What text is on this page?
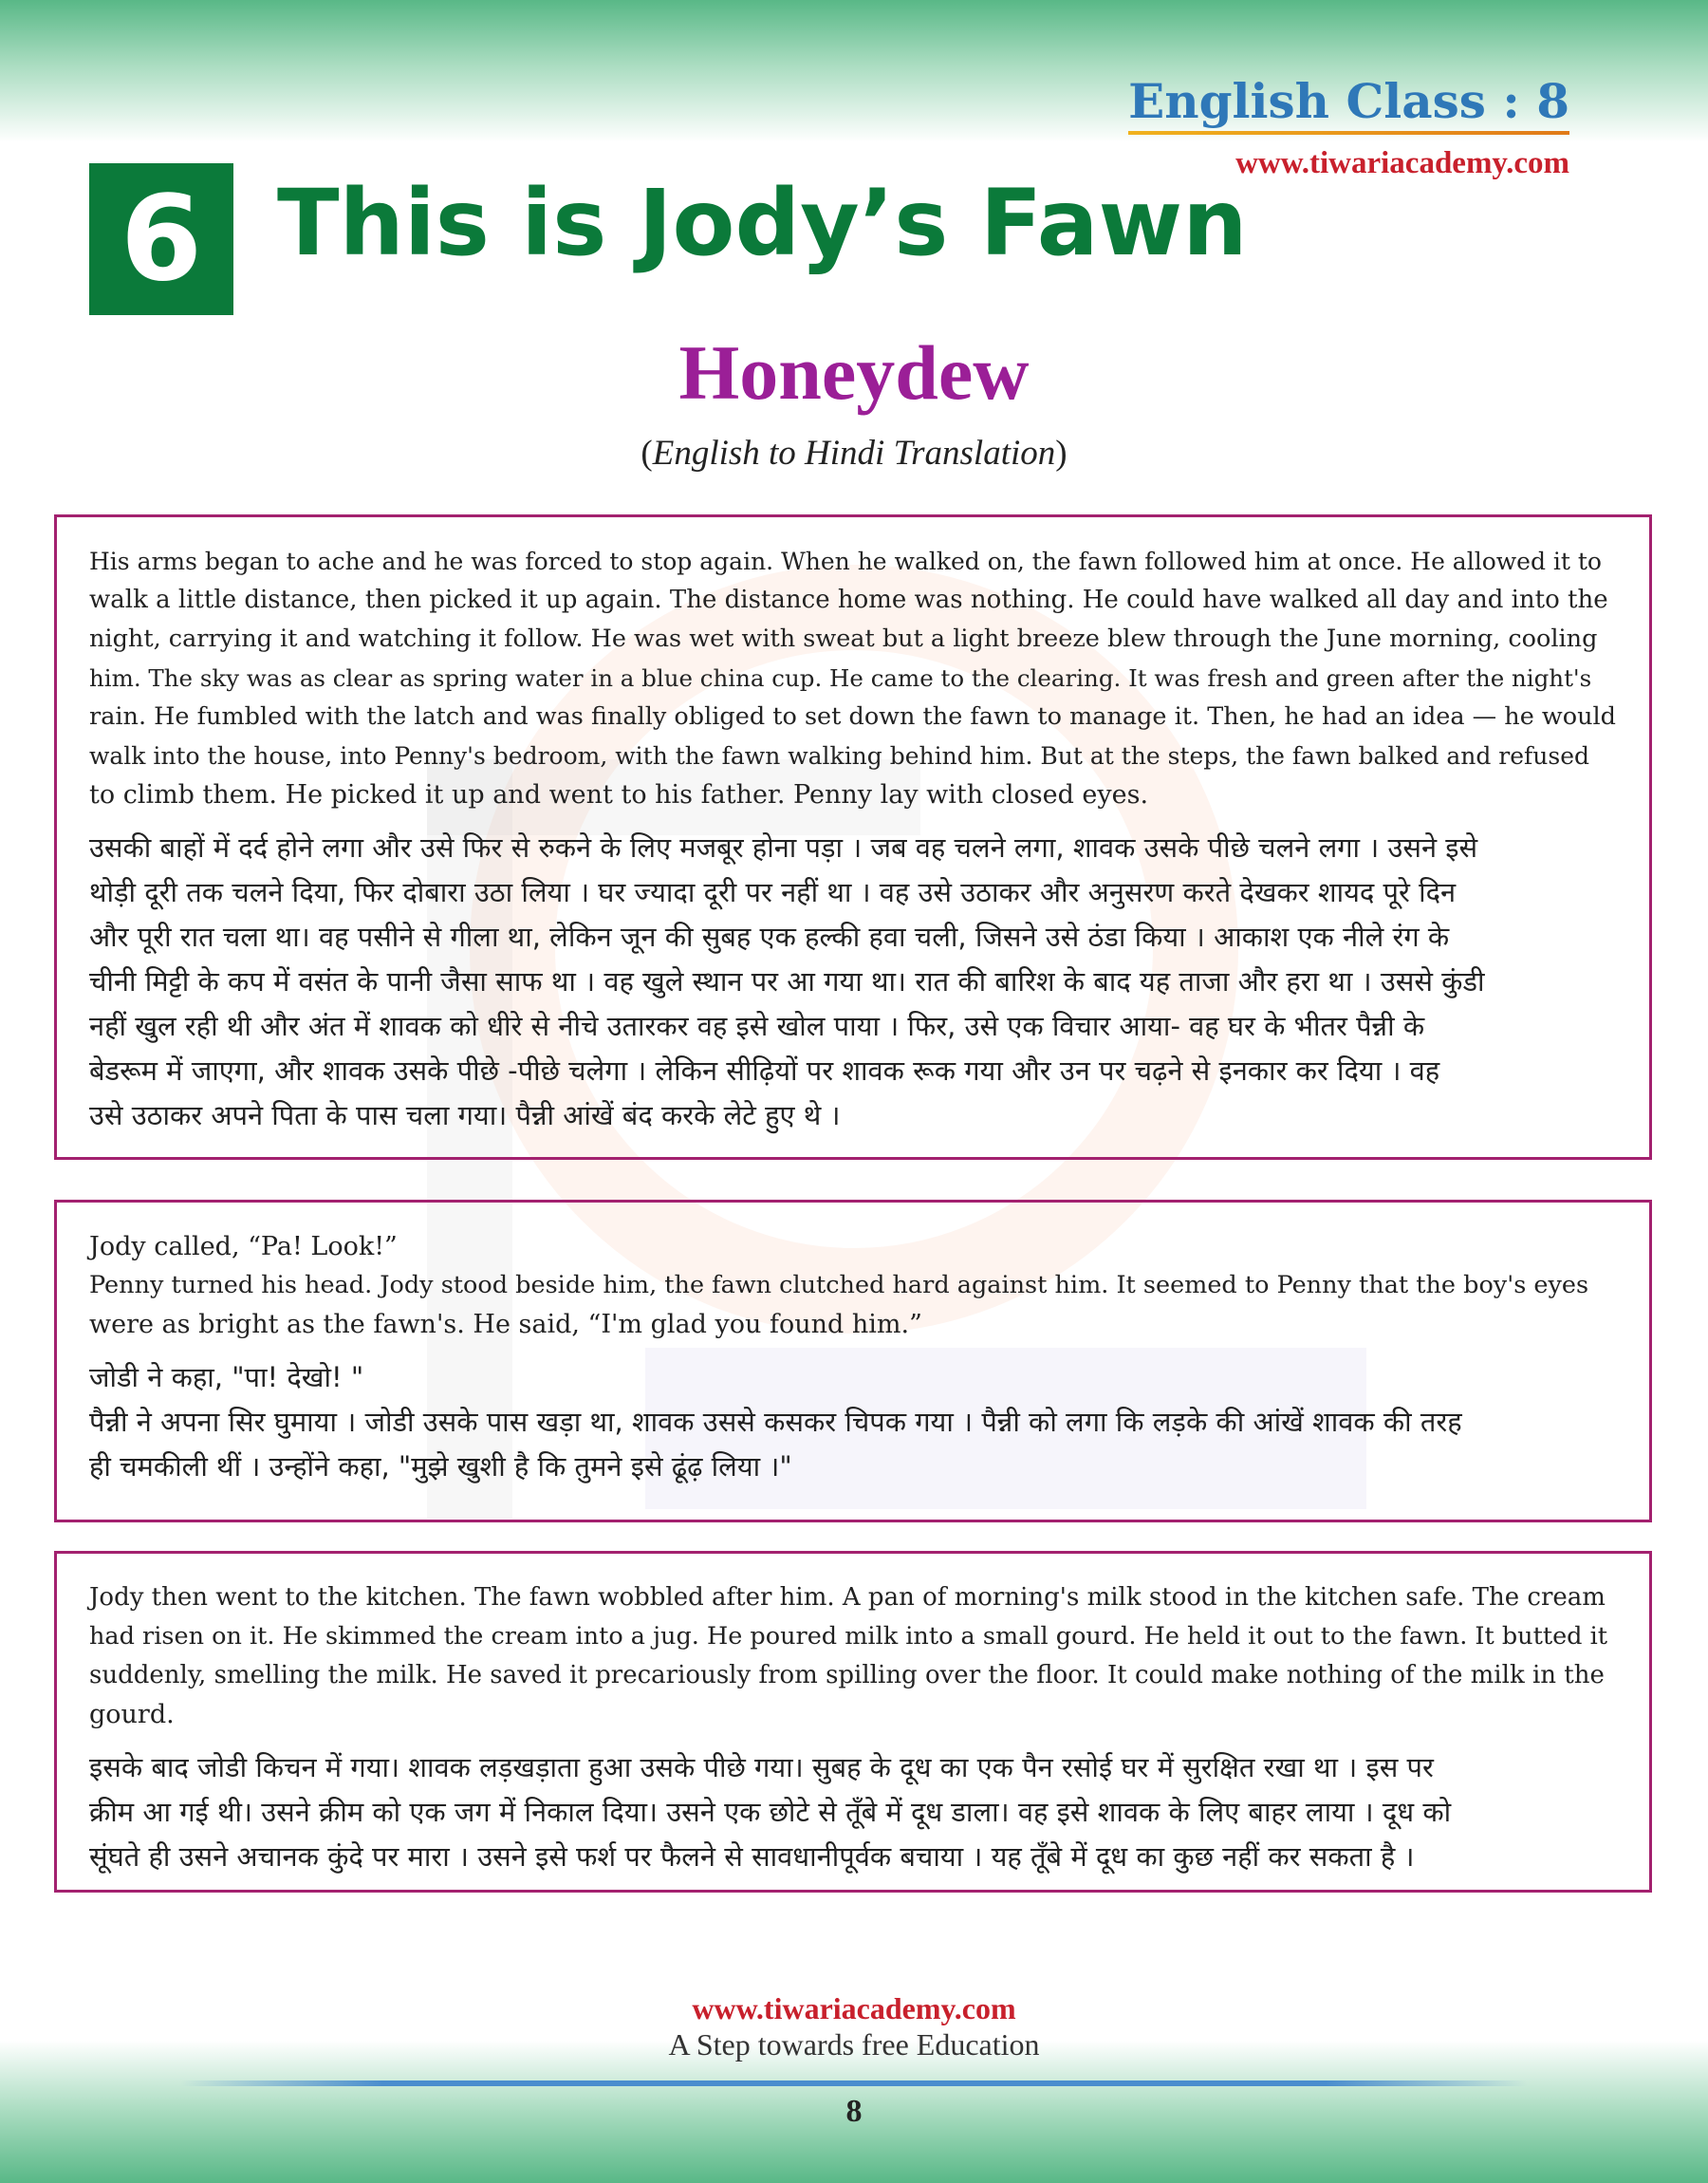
English Class : 8
www.tiwariacademy.com
6 This is Jody’s Fawn
Honeydew
(English to Hindi Translation)
His arms began to ache and he was forced to stop again. When he walked on, the fawn followed him at once. He allowed it to
walk a little distance, then picked it up again. The distance home was nothing. He could have walked all day and into the
night, carrying it and watching it follow. He was wet with sweat but a light breeze blew through the June morning, cooling
him. The sky was as clear as spring water in a blue china cup. He came to the clearing. It was fresh and green after the night's
rain. He fumbled with the latch and was finally obliged to set down the fawn to manage it. Then, he had an idea — he would
walk into the house, into Penny's bedroom, with the fawn walking behind him. But at the steps, the fawn balked and refused
to climb them. He picked it up and went to his father. Penny lay with closed eyes.
उसकी बाहों में दर्द होने लगा और उसे फिर से रुकने के लिए मजबूर होना पड़ा । जब वह चलने लगा, शावक उसके पीछे चलने लगा । उसने इसे
थोड़ी दूरी तक चलने दिया, फिर दोबारा उठा लिया । घर ज्यादा दूरी पर नहीं था । वह उसे उठाकर और अनुसरण करते देखकर शायद पूरे दिन
और पूरी रात चला था। वह पसीने से गीला था, लेकिन जून की सुबह एक हल्की हवा चली, जिसने उसे ठंडा किया । आकाश एक नीले रंग के
चीनी मिट्टी के कप में वसंत के पानी जैसा साफ था । वह खुले स्थान पर आ गया था। रात की बारिश के बाद यह ताजा और हरा था । उससे कुंडी
नहीं खुल रही थी और अंत में शावक को धीरे से नीचे उतारकर वह इसे खोल पाया । फिर, उसे एक विचार आया- वह घर के भीतर पैन्नी के
बेडरूम में जाएगा, और शावक उसके पीछे -पीछे चलेगा । लेकिन सीढ़ियों पर शावक रूक गया और उन पर चढ़ने से इनकार कर दिया । वह
उसे उठाकर अपने पिता के पास चला गया। पैन्नी आंखें बंद करके लेटे हुए थे ।
Jody called, “Pa! Look!”
Penny turned his head. Jody stood beside him, the fawn clutched hard against him. It seemed to Penny that the boy's eyes
were as bright as the fawn's. He said, “I'm glad you found him.”
जोडी ने कहा, "पा! देखो! "
पैन्नी ने अपना सिर घुमाया । जोडी उसके पास खड़ा था, शावक उससे कसकर चिपक गया । पैन्नी को लगा कि लड़के की आंखें शावक की तरह
ही चमकीली थीं । उन्होंने कहा, "मुझे खुशी है कि तुमने इसे ढूंढ़ लिया ।"
Jody then went to the kitchen. The fawn wobbled after him. A pan of morning's milk stood in the kitchen safe. The cream
had risen on it. He skimmed the cream into a jug. He poured milk into a small gourd. He held it out to the fawn. It butted it
suddenly, smelling the milk. He saved it precariously from spilling over the floor. It could make nothing of the milk in the
gourd.
इसके बाद जोडी किचन में गया। शावक लड़खड़ाता हुआ उसके पीछे गया। सुबह के दूध का एक पैन रसोई घर में सुरक्षित रखा था । इस पर
क्रीम आ गई थी। उसने क्रीम को एक जग में निकाल दिया। उसने एक छोटे से तूँबे में दूध डाला। वह इसे शावक के लिए बाहर लाया । दूध को
सूंघते ही उसने अचानक कुंदे पर मारा । उसने इसे फर्श पर फैलने से सावधानीपूर्वक बचाया । यह तूँबे में दूध का कुछ नहीं कर सकता है ।
www.tiwariacademy.com
A Step towards free Education
8
